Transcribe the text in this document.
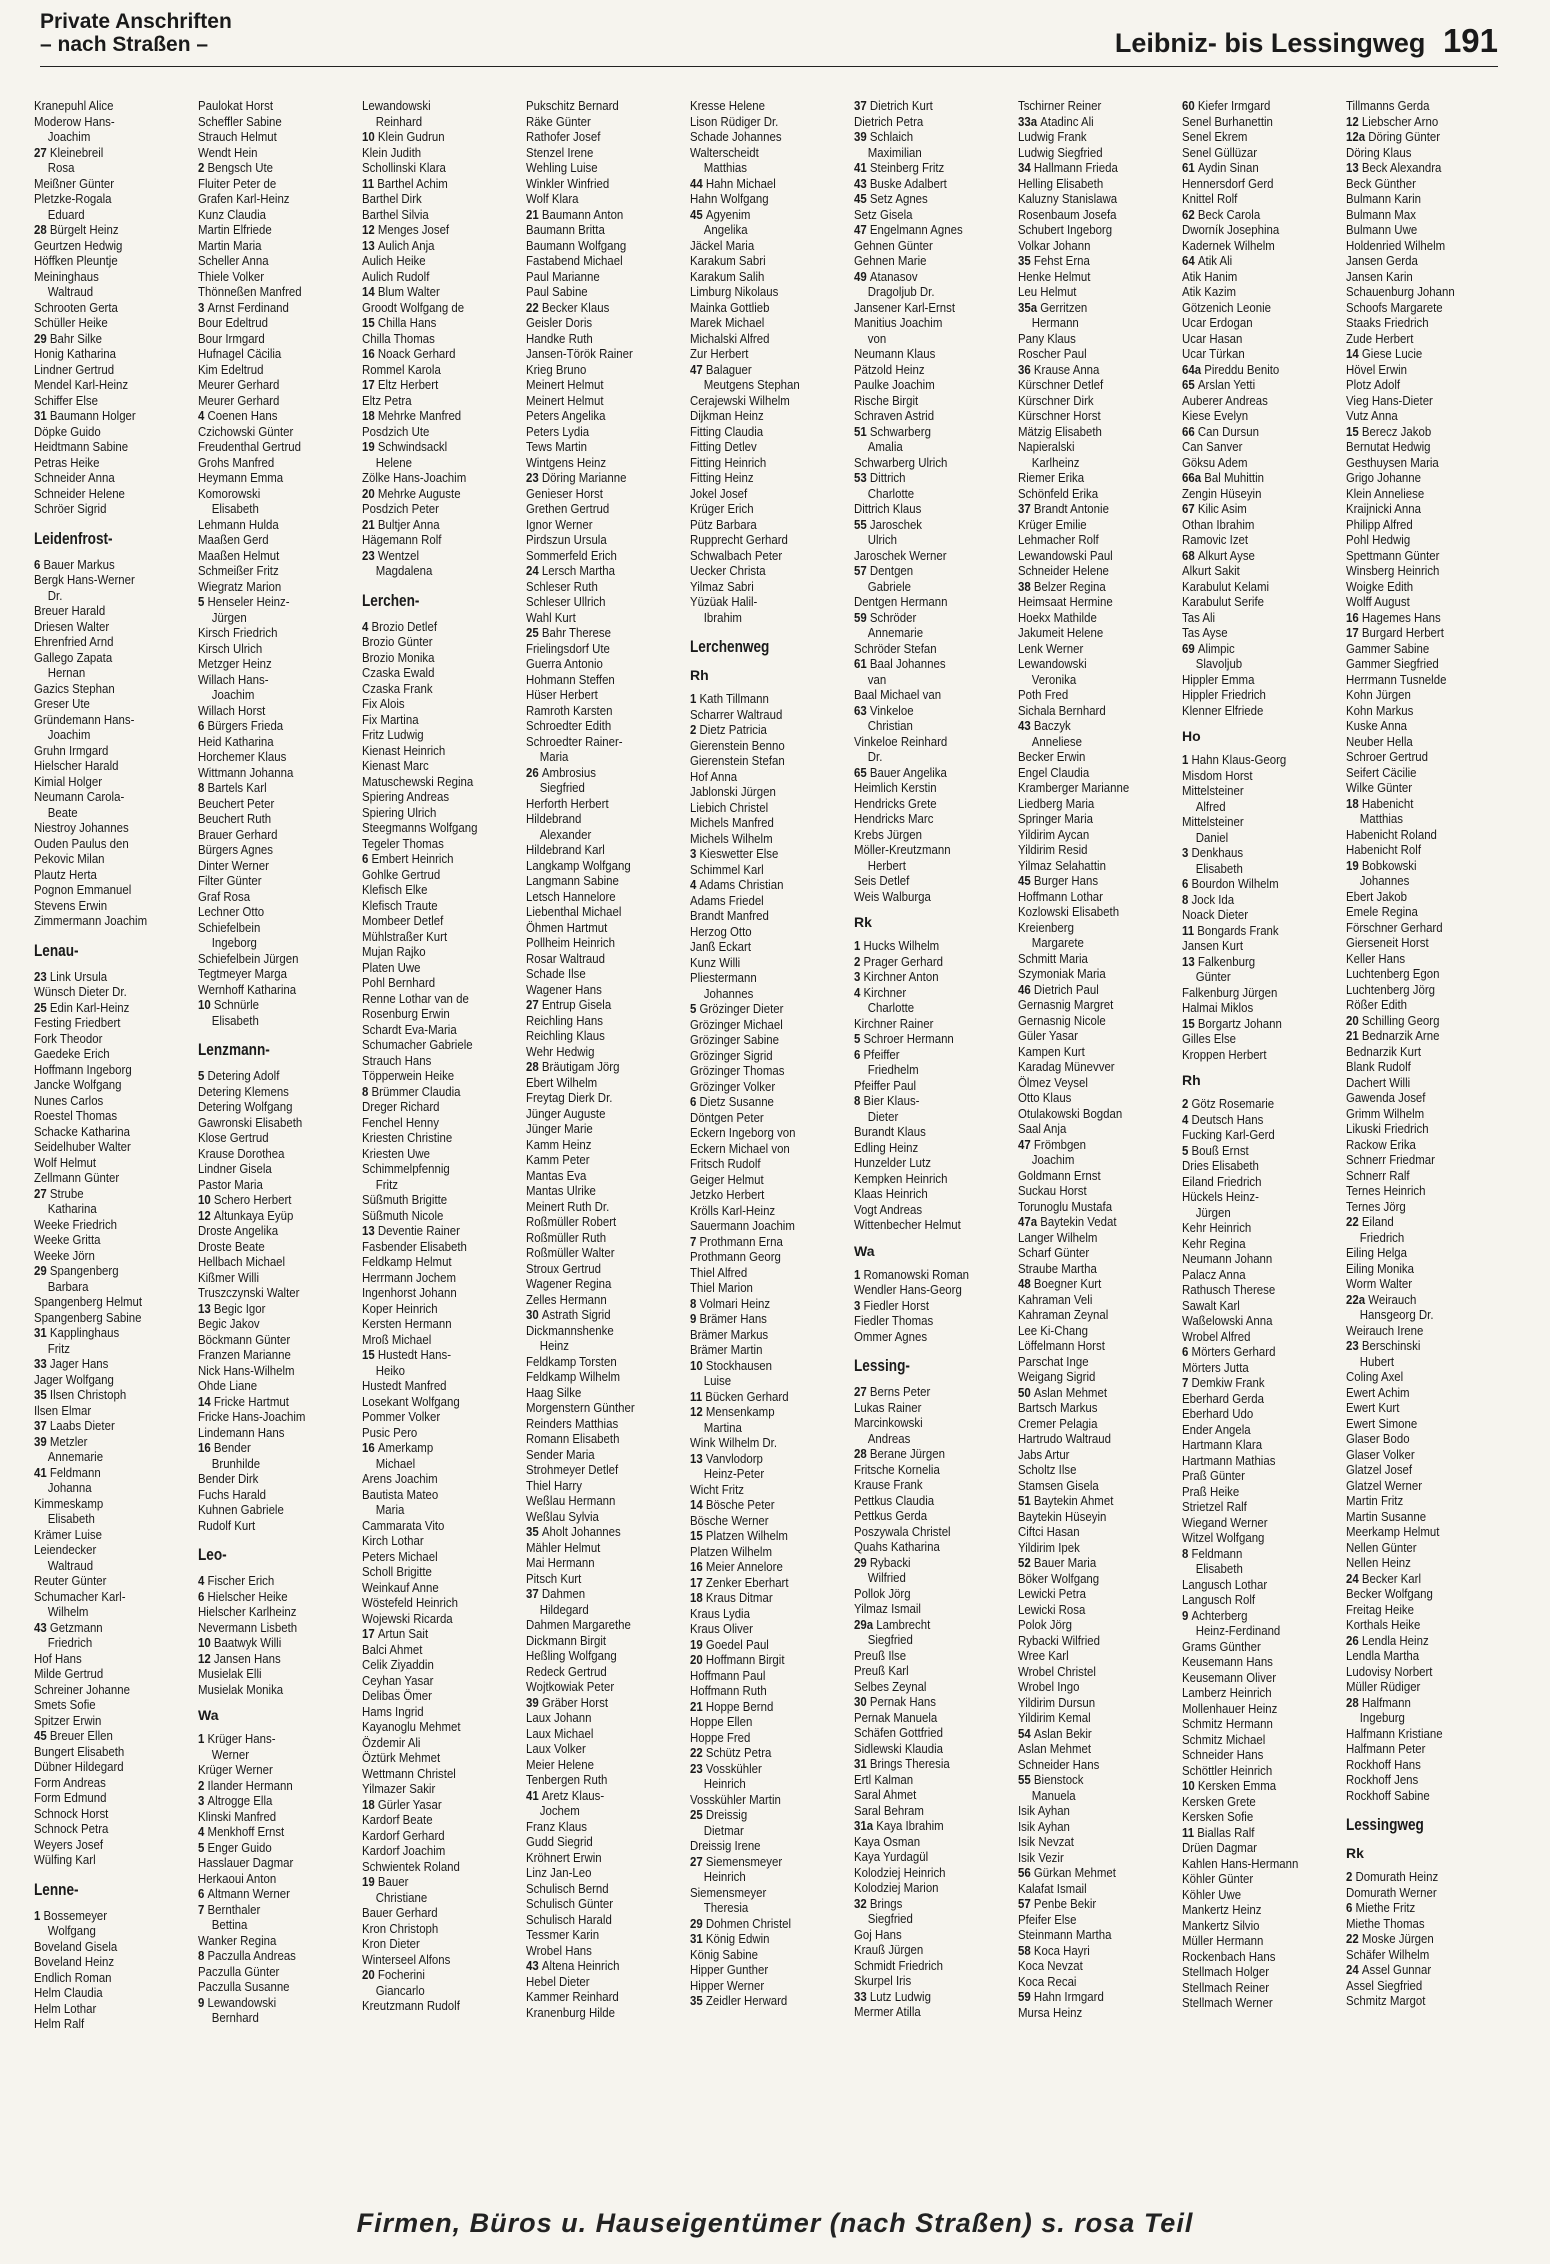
Private Anschriften
– nach Straßen –	Leibniz- bis Lessingweg 191
Kranepuhl Alice
Moderow Hans-
Joachim
27 Kleinebreil
Rosa
Meißner Günter
Pletzke-Rogala
Eduard
28 Bürgelt Heinz
Geurtzen Hedwig
Höffken Pleuntje
Meininghaus
Waltraud
Schrooten Gerta
Schüller Heike
29 Bahr Silke
Honig Katharina
Lindner Gertrud
Mendel Karl-Heinz
Schiffer Else
31 Baumann Holger
Döpke Guido
Heidtmann Sabine
Petras Heike
Schneider Anna
Schneider Helene
Schröer Sigrid
Leidenfrost-
6 Bauer Markus
Bergk Hans-Werner
Dr.
Breuer Harald
Driesen Walter
Ehrenfried Arnd
Gallego Zapata
Hernan
Gazics Stephan
Greser Ute
Gründemann Hans-
Joachim
Gruhn Irmgard
Hielscher Harald
Kimial Holger
Neumann Carola-
Beate
Niestroy Johannes
Ouden Paulus den
Pekovic Milan
Plautz Herta
Pognon Emmanuel
Stevens Erwin
Zimmermann Joachim
Lenau-
23 Link Ursula
Wünsch Dieter Dr.
25 Edin Karl-Heinz
Festing Friedbert
Fork Theodor
Gaedeke Erich
Hoffmann Ingeborg
Jancke Wolfgang
Nunes Carlos
Roestel Thomas
Schacke Katharina
Seidelhuber Walter
Wolf Helmut
Zellmann Günter
27 Strube
Katharina
Weeke Friedrich
Weeke Gritta
Weeke Jörn
29 Spangenberg
Barbara
Spangenberg Helmut
Spangenberg Sabine
31 Kapplinghaus
Fritz
33 Jager Hans
Jager Wolfgang
35 Ilsen Christoph
Ilsen Elmar
37 Laabs Dieter
39 Metzler
Annemarie
41 Feldmann
Johanna
Kimmeskamp
Elisabeth
Krämer Luise
Leiendecker
Waltraud
Reuter Günter
Schumacher Karl-
Wilhelm
43 Getzmann
Friedrich
Hof Hans
Milde Gertrud
Schreiner Johanne
Smets Sofie
Spitzer Erwin
45 Breuer Ellen
Bungert Elisabeth
Dübner Hildegard
Form Andreas
Form Edmund
Schnock Horst
Schnock Petra
Weyers Josef
Wülfing Karl
Lenne-
1 Bossemeyer
Wolfgang
Boveland Gisela
Boveland Heinz
Endlich Roman
Helm Claudia
Helm Lothar
Helm Ralf
Paulokat Horst
Scheffler Sabine
Strauch Helmut
Wendt Hein
2 Bengsch Ute
Fluiter Peter de
Grafen Karl-Heinz
Kunz Claudia
Martin Elfriede
Martin Maria
Scheller Anna
Thiele Volker
Thönneßen Manfred
3 Arnst Ferdinand
Bour Edeltrud
Bour Irmgard
Hufnagel Cäcilia
Kim Edeltrud
Meurer Gerhard
Meurer Gerhard
4 Coenen Hans
Czichowski Günter
Freudenthal Gertrud
Grohs Manfred
Heymann Emma
Komorowski
Elisabeth
Lehmann Hulda
Maaßen Gerd
Maaßen Helmut
Schmeißer Fritz
Wiegratz Marion
5 Henseler Heinz-
Jürgen
Kirsch Friedrich
Kirsch Ulrich
Metzger Heinz
Willach Hans-
Joachim
Willach Horst
6 Bürgers Frieda
Heid Katharina
Horchemer Klaus
Wittmann Johanna
8 Bartels Karl
Beuchert Peter
Beuchert Ruth
Brauer Gerhard
Bürgers Agnes
Dinter Werner
Filter Günter
Graf Rosa
Lechner Otto
Schiefelbein
Ingeborg
Schiefelbein Jürgen
Tegtmeyer Marga
Wernhoff Katharina
10 Schnürle
Elisabeth
Lenzmann-
5 Detering Adolf
Detering Klemens
Detering Wolfgang
Gawronski Elisabeth
Klose Gertrud
Krause Dorothea
Lindner Gisela
Pastor Maria
10 Schero Herbert
12 Altunkaya Eyüp
Droste Angelika
Droste Beate
Hellbach Michael
Kißmer Willi
Truszczynski Walter
13 Begic Igor
Begic Jakov
Böckmann Günter
Franzen Marianne
Nick Hans-Wilhelm
Ohde Liane
14 Fricke Hartmut
Fricke Hans-Joachim
Lindemann Hans
16 Bender
Brunhilde
Bender Dirk
Fuchs Harald
Kuhnen Gabriele
Rudolf Kurt
Leo-
4 Fischer Erich
6 Hielscher Heike
Hielscher Karlheinz
Nevermann Lisbeth
10 Baatwyk Willi
12 Jansen Hans
Musielak Elli
Musielak Monika
Wa
1 Krüger Hans-
Werner
Krüger Werner
2 Ilander Hermann
3 Altrogge Ella
Klinski Manfred
4 Menkhoff Ernst
5 Enger Guido
Hasslauer Dagmar
Herkaoui Anton
6 Altmann Werner
7 Bernthaler
Bettina
Wanker Regina
8 Paczulla Andreas
Paczulla Günter
Paczulla Susanne
9 Lewandowski
Bernhard
Lewandowski
Reinhard
10 Klein Gudrun
Klein Judith
Schollinski Klara
11 Barthel Achim
Barthel Dirk
Barthel Silvia
12 Menges Josef
13 Aulich Anja
Aulich Heike
Aulich Rudolf
14 Blum Walter
Groodt Wolfgang de
15 Chilla Hans
Chilla Thomas
16 Noack Gerhard
Rommel Karola
17 Eltz Herbert
Eltz Petra
18 Mehrke Manfred
Posdzich Ute
19 Schwindsackl
Helene
Zölke Hans-Joachim
20 Mehrke Auguste
Posdzich Peter
21 Bultjer Anna
Hägemann Rolf
23 Wentzel
Magdalena
Lerchen-
4 Brozio Detlef
Brozio Günter
Brozio Monika
Czaska Ewald
Czaska Frank
Fix Alois
Fix Martina
Fritz Ludwig
Kienast Heinrich
Kienast Marc
Matuschewski Regina
Spiering Andreas
Spiering Ulrich
Steegmanns Wolfgang
Tegeler Thomas
6 Embert Heinrich
Gohlke Gertrud
Klefisch Elke
Klefisch Traute
Mombeer Detlef
Mühlstraßer Kurt
Mujan Rajko
Platen Uwe
Pohl Bernhard
Renne Lothar van de
Rosenburg Erwin
Schardt Eva-Maria
Schumacher Gabriele
Strauch Hans
Töpperwein Heike
8 Brümmer Claudia
Dreger Richard
Fenchel Henny
Kriesten Christine
Kriesten Uwe
Schimmelpfennig
Fritz
Süßmuth Brigitte
Süßmuth Nicole
13 Deventie Rainer
Fasbender Elisabeth
Feldkamp Helmut
Herrmann Jochem
Ingenhorst Johann
Koper Heinrich
Kersten Hermann
Mroß Michael
15 Hustedt Hans-
Heiko
Hustedt Manfred
Losekant Wolfgang
Pommer Volker
Pusic Pero
16 Amerkamp
Michael
Arens Joachim
Bautista Mateo
Maria
Cammarata Vito
Kirch Lothar
Peters Michael
Scholl Brigitte
Weinkauf Anne
Wöstefeld Heinrich
Wojewski Ricarda
17 Artun Sait
Balci Ahmet
Celik Ziyaddin
Ceyhan Yasar
Delibas Ömer
Hams Ingrid
Kayanoglu Mehmet
Özdemir Ali
Öztürk Mehmet
Wettmann Christel
Yilmazer Sakir
18 Gürler Yasar
Kardorf Beate
Kardorf Gerhard
Kardorf Joachim
Schwientek Roland
19 Bauer
Christiane
Bauer Gerhard
Kron Christoph
Kron Dieter
Winterseel Alfons
20 Focherini
Giancarlo
Kreutzmann Rudolf
Pukschitz Bernard
Räke Günter
Rathofer Josef
Stenzel Irene
Wehling Luise
Winkler Winfried
Wolf Klara
21 Baumann Anton
Baumann Britta
Baumann Wolfgang
Fastabend Michael
Paul Marianne
Paul Sabine
22 Becker Klaus
Geisler Doris
Handke Ruth
Jansen-Török Rainer
Krieg Bruno
Meinert Helmut
Meinert Helmut
Peters Angelika
Peters Lydia
Tews Martin
Wintgens Heinz
23 Döring Marianne
Genieser Horst
Grethen Gertrud
Ignor Werner
Pirdszun Ursula
Sommerfeld Erich
24 Lersch Martha
Schleser Ruth
Schleser Ullrich
Wahl Kurt
25 Bahr Therese
Frielingsdorf Ute
Guerra Antonio
Hohmann Steffen
Hüser Herbert
Ramroth Karsten
Schroedter Edith
Schroedter Rainer-
Maria
26 Ambrosius
Siegfried
Herforth Herbert
Hildebrand
Alexander
Hildebrand Karl
Langkamp Wolfgang
Langmann Sabine
Letsch Hannelore
Liebenthal Michael
Öhmen Hartmut
Pollheim Heinrich
Rosar Waltraud
Schade Ilse
Wagener Hans
27 Entrup Gisela
Reichling Hans
Reichling Klaus
Wehr Hedwig
28 Bräutigam Jörg
Ebert Wilhelm
Freytag Dierk Dr.
Jünger Auguste
Jünger Marie
Kamm Heinz
Kamm Peter
Mantas Eva
Mantas Ulrike
Meinert Ruth Dr.
Roßmüller Robert
Roßmüller Ruth
Roßmüller Walter
Stroux Gertrud
Wagener Regina
Zelles Hermann
30 Astrath Sigrid
Dickmannshenke
Heinz
Feldkamp Torsten
Feldkamp Wilhelm
Haag Silke
Morgenstern Günther
Reinders Matthias
Romann Elisabeth
Sender Maria
Strohmeyer Detlef
Thiel Harry
Weßlau Hermann
Weßlau Sylvia
35 Aholt Johannes
Mähler Helmut
Mai Hermann
Pitsch Kurt
37 Dahmen
Hildegard
Dahmen Margarethe
Dickmann Birgit
Heßling Wolfgang
Redeck Gertrud
Wojtkowiak Peter
39 Gräber Horst
Laux Johann
Laux Michael
Laux Volker
Meier Helene
Tenbergen Ruth
41 Aretz Klaus-
Jochem
Franz Klaus
Gudd Siegrid
Kröhnert Erwin
Linz Jan-Leo
Schulisch Bernd
Schulisch Günter
Schulisch Harald
Tessmer Karin
Wrobel Hans
43 Altena Heinrich
Hebel Dieter
Kammer Reinhard
Kranenburg Hilde
Kresse Helene
Lison Rüdiger Dr.
Schade Johannes
Walterscheidt
Matthias
44 Hahn Michael
Hahn Wolfgang
45 Agyenim
Angelika
Jäckel Maria
Karakum Sabri
Karakum Salih
Limburg Nikolaus
Mainka Gottlieb
Marek Michael
Michalski Alfred
Zur Herbert
47 Balaguer
Meutgens Stephan
Cerajewski Wilhelm
Dijkman Heinz
Fitting Claudia
Fitting Detlev
Fitting Heinrich
Fitting Heinz
Jokel Josef
Krüger Erich
Pütz Barbara
Rupprecht Gerhard
Schwalbach Peter
Uecker Christa
Yilmaz Sabri
Yüzüak Halil-
Ibrahim
Lerchenweg
Rh
1 Kath Tillmann
Scharrer Waltraud
2 Dietz Patricia
Gierenstein Benno
Gierenstein Stefan
Hof Anna
Jablonski Jürgen
Liebich Christel
Michels Manfred
Michels Wilhelm
3 Kieswetter Else
Schimmel Karl
4 Adams Christian
Adams Friedel
Brandt Manfred
Herzog Otto
Janß Eckart
Kunz Willi
Pliestermann
Johannes
5 Grözinger Dieter
Grözinger Michael
Grözinger Sabine
Grözinger Sigrid
Grözinger Thomas
Grözinger Volker
6 Dietz Susanne
Döntgen Peter
Eckern Ingeborg von
Eckern Michael von
Fritsch Rudolf
Geiger Helmut
Jetzko Herbert
Krölls Karl-Heinz
Sauermann Joachim
7 Prothmann Erna
Prothmann Georg
Thiel Alfred
Thiel Marion
8 Volmari Heinz
9 Brämer Hans
Brämer Markus
Brämer Martin
10 Stockhausen
Luise
11 Bücken Gerhard
12 Mensenkamp
Martina
Wink Wilhelm Dr.
13 Vanvlodorp
Heinz-Peter
Wicht Fritz
14 Bösche Peter
Bösche Werner
15 Platzen Wilhelm
Platzen Wilhelm
16 Meier Annelore
17 Zenker Eberhart
18 Kraus Ditmar
Kraus Lydia
Kraus Oliver
19 Goedel Paul
20 Hoffmann Birgit
Hoffmann Paul
Hoffmann Ruth
21 Hoppe Bernd
Hoppe Ellen
Hoppe Fred
22 Schütz Petra
23 Vosskühler
Heinrich
Vosskühler Martin
25 Dreissig
Dietmar
Dreissig Irene
27 Siemensmeyer
Heinrich
Siemensmeyer
Theresia
29 Dohmen Christel
31 König Edwin
König Sabine
Hipper Gunther
Hipper Werner
35 Zeidler Herward
37 Dietrich Kurt
Dietrich Petra
39 Schlaich
Maximilian
41 Steinberg Fritz
43 Buske Adalbert
45 Setz Agnes
Setz Gisela
47 Engelmann Agnes
Gehnen Günter
Gehnen Marie
49 Atanasov
Dragoljub Dr.
Jansener Karl-Ernst
Manitius Joachim
von
Neumann Klaus
Pätzold Heinz
Paulke Joachim
Rische Birgit
Schraven Astrid
51 Schwarberg
Amalia
Schwarberg Ulrich
53 Dittrich
Charlotte
Dittrich Klaus
55 Jaroschek
Ulrich
Jaroschek Werner
57 Dentgen
Gabriele
Dentgen Hermann
59 Schröder
Annemarie
Schröder Stefan
61 Baal Johannes
van
Baal Michael van
63 Vinkeloe
Christian
Vinkeloe Reinhard
Dr.
65 Bauer Angelika
Heimlich Kerstin
Hendricks Grete
Hendricks Marc
Krebs Jürgen
Möller-Kreutzmann
Herbert
Seis Detlef
Weis Walburga
Rk
1 Hucks Wilhelm
2 Prager Gerhard
3 Kirchner Anton
4 Kirchner
Charlotte
Kirchner Rainer
5 Schroer Hermann
6 Pfeiffer
Friedhelm
Pfeiffer Paul
8 Bier Klaus-
Dieter
Burandt Klaus
Edling Heinz
Hunzelder Lutz
Kempken Heinrich
Klaas Heinrich
Vogt Andreas
Wittenbecher Helmut
Wa
1 Romanowski Roman
Wendler Hans-Georg
3 Fiedler Horst
Fiedler Thomas
Ommer Agnes
Lessing-
27 Berns Peter
Lukas Rainer
Marcinkowski
Andreas
28 Berane Jürgen
Fritsche Kornelia
Krause Frank
Pettkus Claudia
Pettkus Gerda
Poszywala Christel
Quahs Katharina
29 Rybacki
Wilfried
Pollok Jörg
Yilmaz Ismail
29a Lambrecht
Siegfried
Preuß Ilse
Preuß Karl
Selbes Zeynal
30 Pernak Hans
Pernak Manuela
Schäfen Gottfried
Sidlewski Klaudia
31 Brings Theresia
Ertl Kalman
Saral Ahmet
Saral Behram
31a Kaya Ibrahim
Kaya Osman
Kaya Yurdagül
Kolodziej Heinrich
Kolodziej Marion
32 Brings
Siegfried
Goj Hans
Krauß Jürgen
Schmidt Friedrich
Skurpel Iris
33 Lutz Ludwig
Mermer Atilla
Tschirner Reiner
33a Atadinc Ali
Ludwig Frank
Ludwig Siegfried
34 Hallmann Frieda
Helling Elisabeth
Kaluzny Stanislawa
Rosenbaum Josefa
Schubert Ingeborg
Volkar Johann
35 Fehst Erna
Henke Helmut
Leu Helmut
35a Gerritzen
Hermann
Pany Klaus
Roscher Paul
36 Krause Anna
Kürschner Detlef
Kürschner Dirk
Kürschner Horst
Mätzig Elisabeth
Napieralski
Karlheinz
Riemer Erika
Schönfeld Erika
37 Brandt Antonie
Krüger Emilie
Lehmacher Rolf
Lewandowski Paul
Schneider Helene
38 Belzer Regina
Heimsaat Hermine
Hoekx Mathilde
Jakumeit Helene
Lenk Werner
Lewandowski
Veronika
Poth Fred
Sichala Bernhard
43 Baczyk
Anneliese
Becker Erwin
Engel Claudia
Kramberger Marianne
Liedberg Maria
Springer Maria
Yildirim Aycan
Yildirim Resid
Yilmaz Selahattin
45 Burger Hans
Hoffmann Lothar
Kozlowski Elisabeth
Kreienberg
Margarete
Schmitt Maria
Szymoniak Maria
46 Dietrich Paul
Gernasnig Margret
Gernasnig Nicole
Güler Yasar
Kampen Kurt
Karadag Münevver
Ölmez Veysel
Otto Klaus
Otulakowski Bogdan
Saal Anja
47 Frömbgen
Joachim
Goldmann Ernst
Suckau Horst
Torunoglu Mustafa
47a Baytekin Vedat
Langer Wilhelm
Scharf Günter
Straube Martha
48 Boegner Kurt
Kahraman Veli
Kahraman Zeynal
Lee Ki-Chang
Löffelmann Horst
Parschat Inge
Weigang Sigrid
50 Aslan Mehmet
Bartsch Markus
Cremer Pelagia
Hartrudo Waltraud
Jabs Artur
Scholtz Ilse
Stamsen Gisela
51 Baytekin Ahmet
Baytekin Hüseyin
Ciftci Hasan
Yildirim Ipek
52 Bauer Maria
Böker Wolfgang
Lewicki Petra
Lewicki Rosa
Polok Jörg
Rybacki Wilfried
Wree Karl
Wrobel Christel
Wrobel Ingo
Yildirim Dursun
Yildirim Kemal
54 Aslan Bekir
Aslan Mehmet
Schneider Hans
55 Bienstock
Manuela
Isik Ayhan
Isik Ayhan
Isik Nevzat
Isik Vezir
56 Gürkan Mehmet
Kalafat Ismail
57 Penbe Bekir
Pfeifer Else
Steinmann Martha
58 Koca Hayri
Koca Nevzat
Koca Recai
59 Hahn Irmgard
Mursa Heinz
60 Kiefer Irmgard
Senel Burhanettin
Senel Ekrem
Senel Güllüzar
61 Aydin Sinan
Hennersdorf Gerd
Knittel Rolf
62 Beck Carola
Dworník Josephina
Kadernek Wilhelm
64 Atik Ali
Atik Hanim
Atik Kazim
Götzenich Leonie
Ucar Erdogan
Ucar Hasan
Ucar Türkan
64a Pireddu Benito
65 Arslan Yetti
Auberer Andreas
Kiese Evelyn
66 Can Dursun
Can Sanver
Göksu Adem
66a Bal Muhittin
Zengin Hüseyin
67 Kilic Asim
Othan Ibrahim
Ramovic Izet
68 Alkurt Ayse
Alkurt Sakit
Karabulut Kelami
Karabulut Serife
Tas Ali
Tas Ayse
69 Alimpic
Slavoljub
Hippler Emma
Hippler Friedrich
Klenner Elfriede
Ho
1 Hahn Klaus-Georg
Misdom Horst
Mittelsteiner
Alfred
Mittelsteiner
Daniel
3 Denkhaus
Elisabeth
6 Bourdon Wilhelm
8 Jock Ida
Noack Dieter
11 Bongards Frank
Jansen Kurt
13 Falkenburg
Günter
Falkenburg Jürgen
Halmai Miklos
15 Borgartz Johann
Gilles Else
Kroppen Herbert
Rh
2 Götz Rosemarie
4 Deutsch Hans
Fucking Karl-Gerd
5 Bouß Ernst
Dries Elisabeth
Eiland Friedrich
Hückels Heinz-
Jürgen
Kehr Heinrich
Kehr Regina
Neumann Johann
Palacz Anna
Rathusch Therese
Sawalt Karl
Waßelowski Anna
Wrobel Alfred
6 Mörters Gerhard
Mörters Jutta
7 Demkiw Frank
Eberhard Gerda
Eberhard Udo
Ender Angela
Hartmann Klara
Hartmann Mathias
Praß Günter
Praß Heike
Strietzel Ralf
Wiegand Werner
Witzel Wolfgang
8 Feldmann
Elisabeth
Langusch Lothar
Langusch Rolf
9 Achterberg
Heinz-Ferdinand
Grams Günther
Keusemann Hans
Keusemann Oliver
Lamberz Heinrich
Mollenhauer Heinz
Schmitz Hermann
Schmitz Michael
Schneider Hans
Schöttler Heinrich
10 Kersken Emma
Kersken Grete
Kersken Sofie
11 Biallas Ralf
Drüen Dagmar
Kahlen Hans-Hermann
Köhler Günter
Köhler Uwe
Mankertz Heinz
Mankertz Silvio
Müller Hermann
Rockenbach Hans
Stellmach Holger
Stellmach Reiner
Stellmach Werner
Tillmanns Gerda
12 Liebscher Arno
12a Döring Günter
Döring Klaus
13 Beck Alexandra
Beck Günther
Bulmann Karin
Bulmann Max
Bulmann Uwe
Holdenried Wilhelm
Jansen Gerda
Jansen Karin
Schauenburg Johann
Schoofs Margarete
Staaks Friedrich
Zude Herbert
14 Giese Lucie
Hövel Erwin
Plotz Adolf
Vieg Hans-Dieter
Vutz Anna
15 Berecz Jakob
Bernutat Hedwig
Gesthuysen Maria
Grigo Johanne
Klein Anneliese
Kraijnicki Anna
Philipp Alfred
Pohl Hedwig
Spettmann Günter
Winsberg Heinrich
Woigke Edith
Wolff August
16 Hagemes Hans
17 Burgard Herbert
Gammer Sabine
Gammer Siegfried
Herrmann Tusnelde
Kohn Jürgen
Kohn Markus
Kuske Anna
Neuber Hella
Schroer Gertrud
Seifert Cäcilie
Wilke Günter
18 Habenicht
Matthias
Habenicht Roland
Habenicht Rolf
19 Bobkowski
Johannes
Ebert Jakob
Emele Regina
Förschner Gerhard
Gierseneit Horst
Keller Hans
Luchtenberg Egon
Luchtenberg Jörg
Rößer Edith
20 Schilling Georg
21 Bednarzik Arne
Bednarzik Kurt
Blank Rudolf
Dachert Willi
Gawenda Josef
Grimm Wilhelm
Likuski Friedrich
Rackow Erika
Schnerr Friedmar
Schnerr Ralf
Ternes Heinrich
Ternes Jörg
22 Eiland
Friedrich
Eiling Helga
Eiling Monika
Worm Walter
22a Weirauch
Hansgeorg Dr.
Weirauch Irene
23 Berschinski
Hubert
Coling Axel
Ewert Achim
Ewert Kurt
Ewert Simone
Glaser Bodo
Glaser Volker
Glatzel Josef
Glatzel Werner
Martin Fritz
Martin Susanne
Meerkamp Helmut
Nellen Günter
Nellen Heinz
24 Becker Karl
Becker Wolfgang
Freitag Heike
Korthals Heike
26 Lendla Heinz
Lendla Martha
Ludovisy Norbert
Müller Rüdiger
28 Halfmann
Ingeburg
Halfmann Kristiane
Halfmann Peter
Rockhoff Hans
Rockhoff Jens
Rockhoff Sabine
Lessingweg
Rk
2 Domurath Heinz
Domurath Werner
6 Miethe Fritz
Miethe Thomas
22 Moske Jürgen
Schäfer Wilhelm
24 Assel Gunnar
Assel Siegfried
Schmitz Margot
Firmen, Büros u. Hauseigentümer (nach Straßen) s. rosa Teil
